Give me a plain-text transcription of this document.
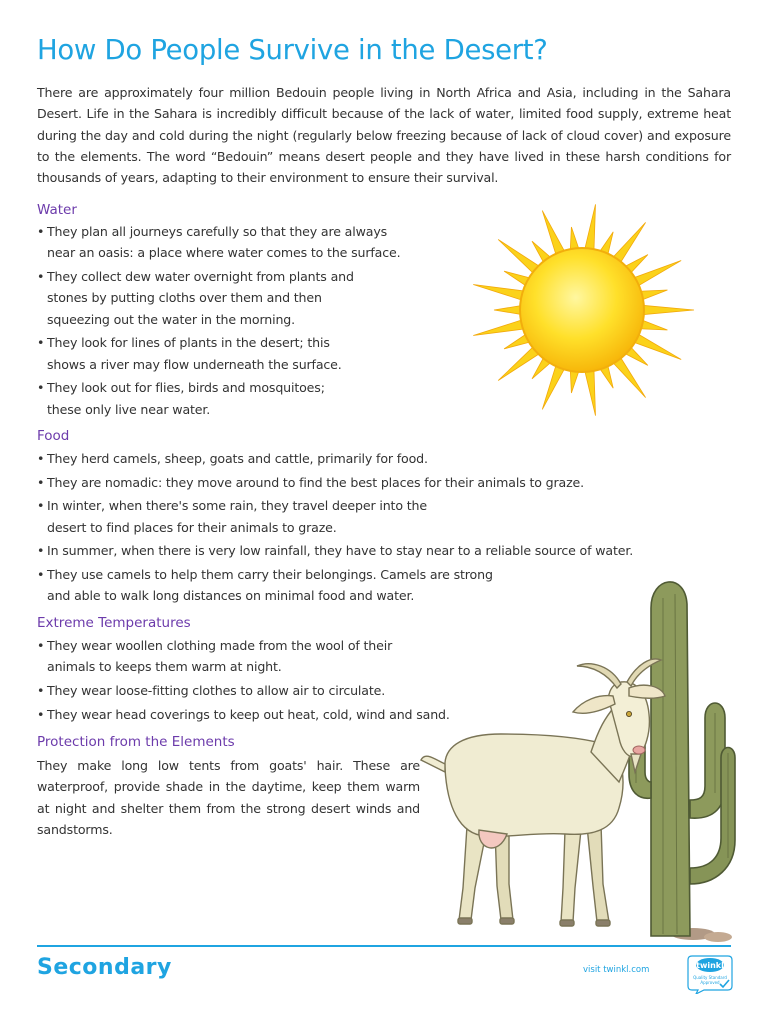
How Do People Survive in the Desert?

There are approximately four million Bedouin people living in North Africa and Asia, including in the Sahara Desert. Life in the Sahara is incredibly difficult because of the lack of water, limited food supply, extreme heat during the day and cold during the night (regularly below freezing because of lack of cloud cover) and exposure to the elements. The word “Bedouin” means desert people and they have lived in these harsh conditions for thousands of years, adapting to their environment to ensure their survival.

Water
• They plan all journeys carefully so that they are always
near an oasis: a place where water comes to the surface.
• They collect dew water overnight from plants and
stones by putting cloths over them and then
squeezing out the water in the morning.
• They look for lines of plants in the desert; this
shows a river may flow underneath the surface.
• They look out for flies, birds and mosquitoes;
these only live near water.
Food
• They herd camels, sheep, goats and cattle, primarily for food.
• They are nomadic: they move around to find the best places for their animals to graze.
• In winter, when there's some rain, they travel deeper into the
desert to find places for their animals to graze.
• In summer, when there is very low rainfall, they have to stay near to a reliable source of water.
• They use camels to help them carry their belongings. Camels are strong
and able to walk long distances on minimal food and water.
Extreme Temperatures
• They wear woollen clothing made from the wool of their
animals to keeps them warm at night.
• They wear loose-fitting clothes to allow air to circulate.
• They wear head coverings to keep out heat, cold, wind and sand.
Protection from the Elements

They make long low tents from goats' hair. These are waterproof, provide shade in the daytime, keep them warm at night and shelter them from the strong desert winds and sandstorms.

Secondary	visit twinkl.com	twinkl
Quality Standard
Approved
